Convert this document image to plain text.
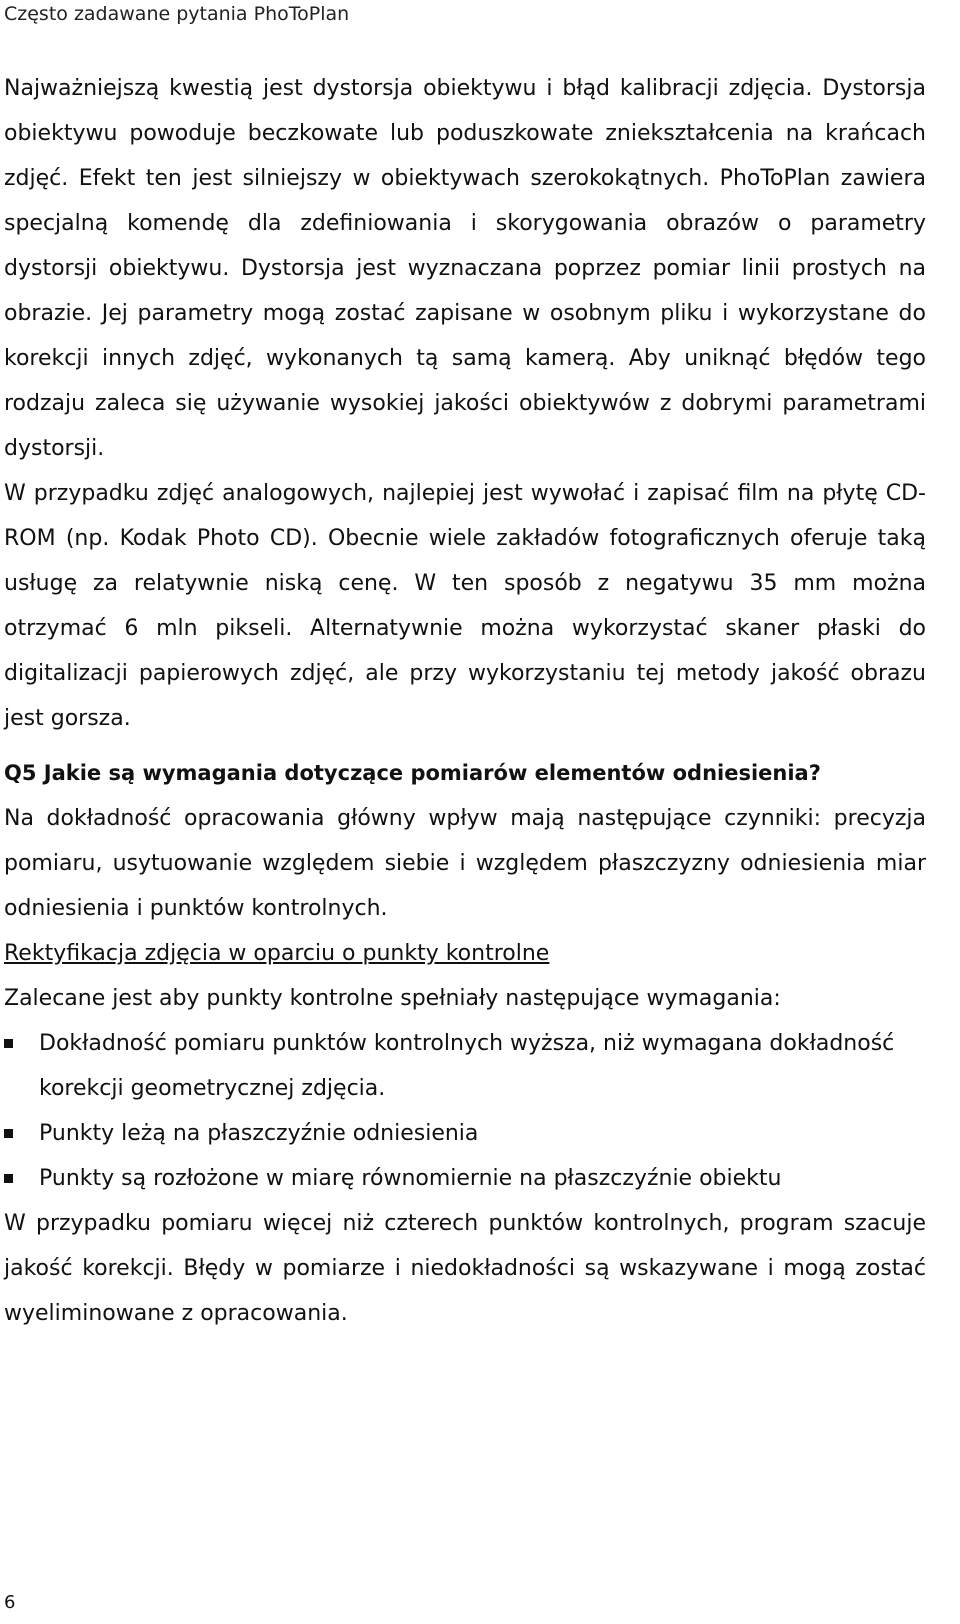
Często zadawane pytania PhoToPlan

Najważniejszą kwestią jest dystorsja obiektywu i błąd kalibracji zdjęcia. Dystorsja obiektywu powoduje beczkowate lub poduszkowate zniekształcenia na krańcach zdjęć. Efekt ten jest silniejszy w obiektywach szerokokątnych. PhoToPlan zawiera specjalną komendę dla zdefiniowania i skorygowania obrazów o parametry dystorsji obiektywu. Dystorsja jest wyznaczana poprzez pomiar linii prostych na obrazie. Jej parametry mogą zostać zapisane w osobnym pliku i wykorzystane do korekcji innych zdjęć, wykonanych tą samą kamerą. Aby uniknąć błędów tego rodzaju zaleca się używanie wysokiej jakości obiektywów z dobrymi parametrami dystorsji.

W przypadku zdjęć analogowych, najlepiej jest wywołać i zapisać film na płytę CD-ROM (np. Kodak Photo CD). Obecnie wiele zakładów fotograficznych oferuje taką usługę za relatywnie niską cenę. W ten sposób z negatywu 35 mm można otrzymać 6 mln pikseli. Alternatywnie można wykorzystać skaner płaski do digitalizacji papierowych zdjęć, ale przy wykorzystaniu tej metody jakość obrazu jest gorsza.

Q5 Jakie są wymagania dotyczące pomiarów elementów odniesienia?

Na dokładność opracowania główny wpływ mają następujące czynniki: precyzja pomiaru, usytuowanie względem siebie i względem płaszczyzny odniesienia miar odniesienia i punktów kontrolnych.

Rektyfikacja zdjęcia w oparciu o punkty kontrolne

Zalecane jest aby punkty kontrolne spełniały następujące wymagania:

Dokładność pomiaru punktów kontrolnych wyższa, niż wymagana dokładność korekcji geometrycznej zdjęcia.
Punkty leżą na płaszczyźnie odniesienia
Punkty są rozłożone w miarę równomiernie na płaszczyźnie obiektu

W przypadku pomiaru więcej niż czterech punktów kontrolnych, program szacuje jakość korekcji. Błędy w pomiarze i niedokładności są wskazywane i mogą zostać wyeliminowane z opracowania.

6
